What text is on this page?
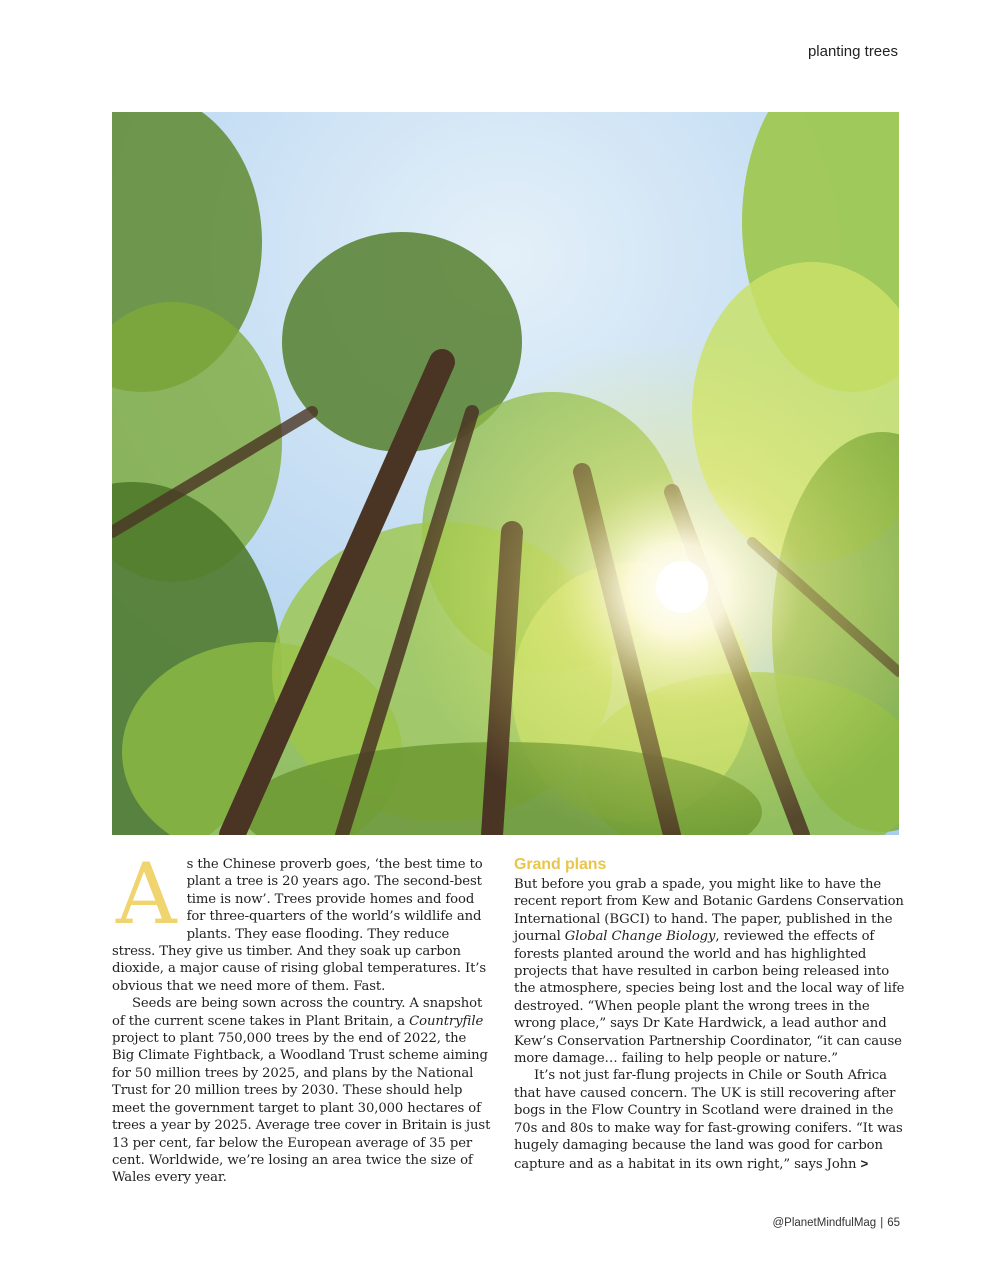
planting trees

As the Chinese proverb goes, ‘the best time to plant a tree is 20 years ago. The second-best time is now’. Trees provide homes and food for three-quarters of the world’s wildlife and plants. They ease flooding. They reduce stress. They give us timber. And they soak up carbon dioxide, a major cause of rising global temperatures. It’s obvious that we need more of them. Fast.

Seeds are being sown across the country. A snapshot of the current scene takes in Plant Britain, a Countryfile project to plant 750,000 trees by the end of 2022, the Big Climate Fightback, a Woodland Trust scheme aiming for 50 million trees by 2025, and plans by the National Trust for 20 million trees by 2030. These should help meet the government target to plant 30,000 hectares of trees a year by 2025. Average tree cover in Britain is just 13 per cent, far below the European average of 35 per cent. Worldwide, we’re losing an area twice the size of Wales every year.

Grand plans

But before you grab a spade, you might like to have the recent report from Kew and Botanic Gardens Conservation International (BGCI) to hand. The paper, published in the journal Global Change Biology, reviewed the effects of forests planted around the world and has highlighted projects that have resulted in carbon being released into the atmosphere, species being lost and the local way of life destroyed. “When people plant the wrong trees in the wrong place,” says Dr Kate Hardwick, a lead author and Kew’s Conservation Partnership Coordinator, “it can cause more damage… failing to help people or nature.”

It’s not just far-flung projects in Chile or South Africa that have caused concern. The UK is still recovering after bogs in the Flow Country in Scotland were drained in the 70s and 80s to make way for fast-growing conifers. “It was hugely damaging because the land was good for carbon capture and as a habitat in its own right,” says John >

@PlanetMindfulMag | 65
